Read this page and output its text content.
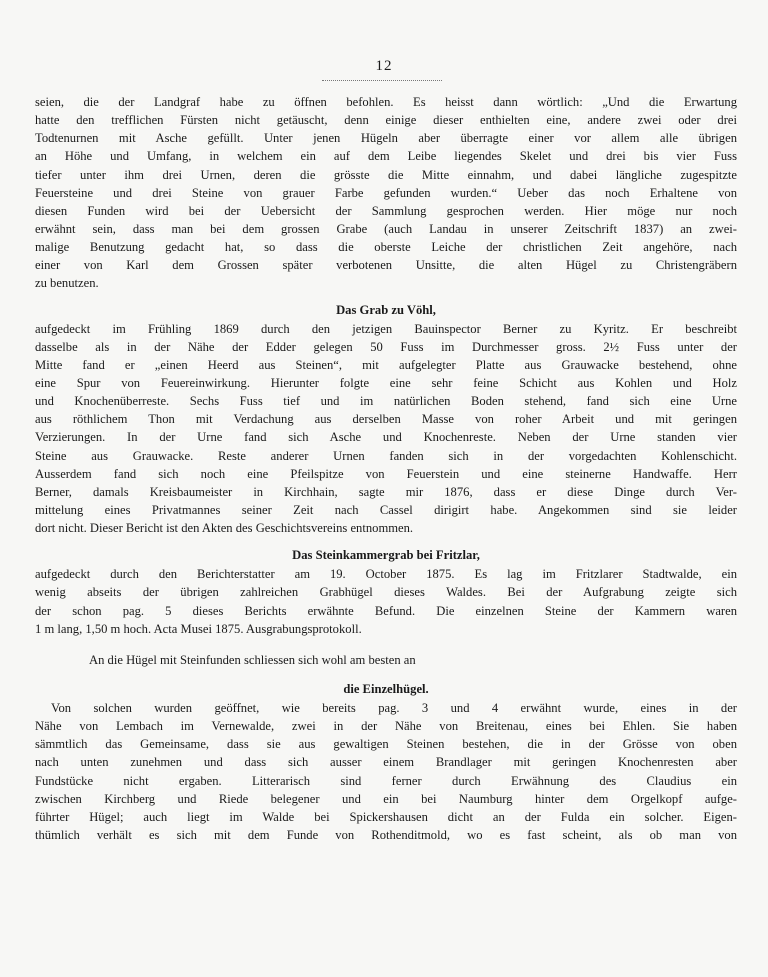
12
seien, die der Landgraf habe zu öffnen befohlen. Es heisst dann wörtlich: „Und die Erwartung
hatte den trefflichen Fürsten nicht getäuscht, denn einige dieser enthielten eine, andere zwei oder drei
Todtenurnen mit Asche gefüllt. Unter jenen Hügeln aber überragte einer vor allem alle übrigen
an Höhe und Umfang, in welchem ein auf dem Leibe liegendes Skelet und drei bis vier Fuss
tiefer unter ihm drei Urnen, deren die grösste die Mitte einnahm, und dabei längliche zugespitzte
Feuersteine und drei Steine von grauer Farbe gefunden wurden.“ Ueber das noch Erhaltene von
diesen Funden wird bei der Uebersicht der Sammlung gesprochen werden. Hier möge nur noch
erwähnt sein, dass man bei dem grossen Grabe (auch Landau in unserer Zeitschrift 1837) an zwei-
malige Benutzung gedacht hat, so dass die oberste Leiche der christlichen Zeit angehöre, nach
einer von Karl dem Grossen später verbotenen Unsitte, die alten Hügel zu Christengräbern
zu benutzen.
Das Grab zu Vöhl,
aufgedeckt im Frühling 1869 durch den jetzigen Bauinspector Berner zu Kyritz. Er beschreibt
dasselbe als in der Nähe der Edder gelegen 50 Fuss im Durchmesser gross. 2½ Fuss unter der
Mitte fand er „einen Heerd aus Steinen“, mit aufgelegter Platte aus Grauwacke bestehend, ohne
eine Spur von Feuereinwirkung. Hierunter folgte eine sehr feine Schicht aus Kohlen und Holz
und Knochenüberreste. Sechs Fuss tief und im natürlichen Boden stehend, fand sich eine Urne
aus röthlichem Thon mit Verdachung aus derselben Masse von roher Arbeit und mit geringen
Verzierungen. In der Urne fand sich Asche und Knochenreste. Neben der Urne standen vier
Steine aus Grauwacke. Reste anderer Urnen fanden sich in der vorgedachten Kohlenschicht.
Ausserdem fand sich noch eine Pfeilspitze von Feuerstein und eine steinerne Handwaffe. Herr
Berner, damals Kreisbaumeister in Kirchhain, sagte mir 1876, dass er diese Dinge durch Ver-
mittelung eines Privatmannes seiner Zeit nach Cassel dirigirt habe. Angekommen sind sie leider
dort nicht. Dieser Bericht ist den Akten des Geschichtsvereins entnommen.
Das Steinkammergrab bei Fritzlar,
aufgedeckt durch den Berichterstatter am 19. October 1875. Es lag im Fritzlarer Stadtwalde, ein
wenig abseits der übrigen zahlreichen Grabhügel dieses Waldes. Bei der Aufgrabung zeigte sich
der schon pag. 5 dieses Berichts erwähnte Befund. Die einzelnen Steine der Kammern waren
1 m lang, 1,50 m hoch. Acta Musei 1875. Ausgrabungsprotokoll.
An die Hügel mit Steinfunden schliessen sich wohl am besten an
die Einzelhügel.
Von solchen wurden geöffnet, wie bereits pag. 3 und 4 erwähnt wurde, eines in der
Nähe von Lembach im Vernewalde, zwei in der Nähe von Breitenau, eines bei Ehlen. Sie haben
sämmtlich das Gemeinsame, dass sie aus gewaltigen Steinen bestehen, die in der Grösse von oben
nach unten zunehmen und dass sich ausser einem Brandlager mit geringen Knochenresten aber
Fundstücke nicht ergaben. Litterarisch sind ferner durch Erwähnung des Claudius ein
zwischen Kirchberg und Riede belegener und ein bei Naumburg hinter dem Orgelkopf aufge-
führter Hügel; auch liegt im Walde bei Spickershausen dicht an der Fulda ein solcher. Eigen-
thümlich verhält es sich mit dem Funde von Rothenditmold, wo es fast scheint, als ob man von
